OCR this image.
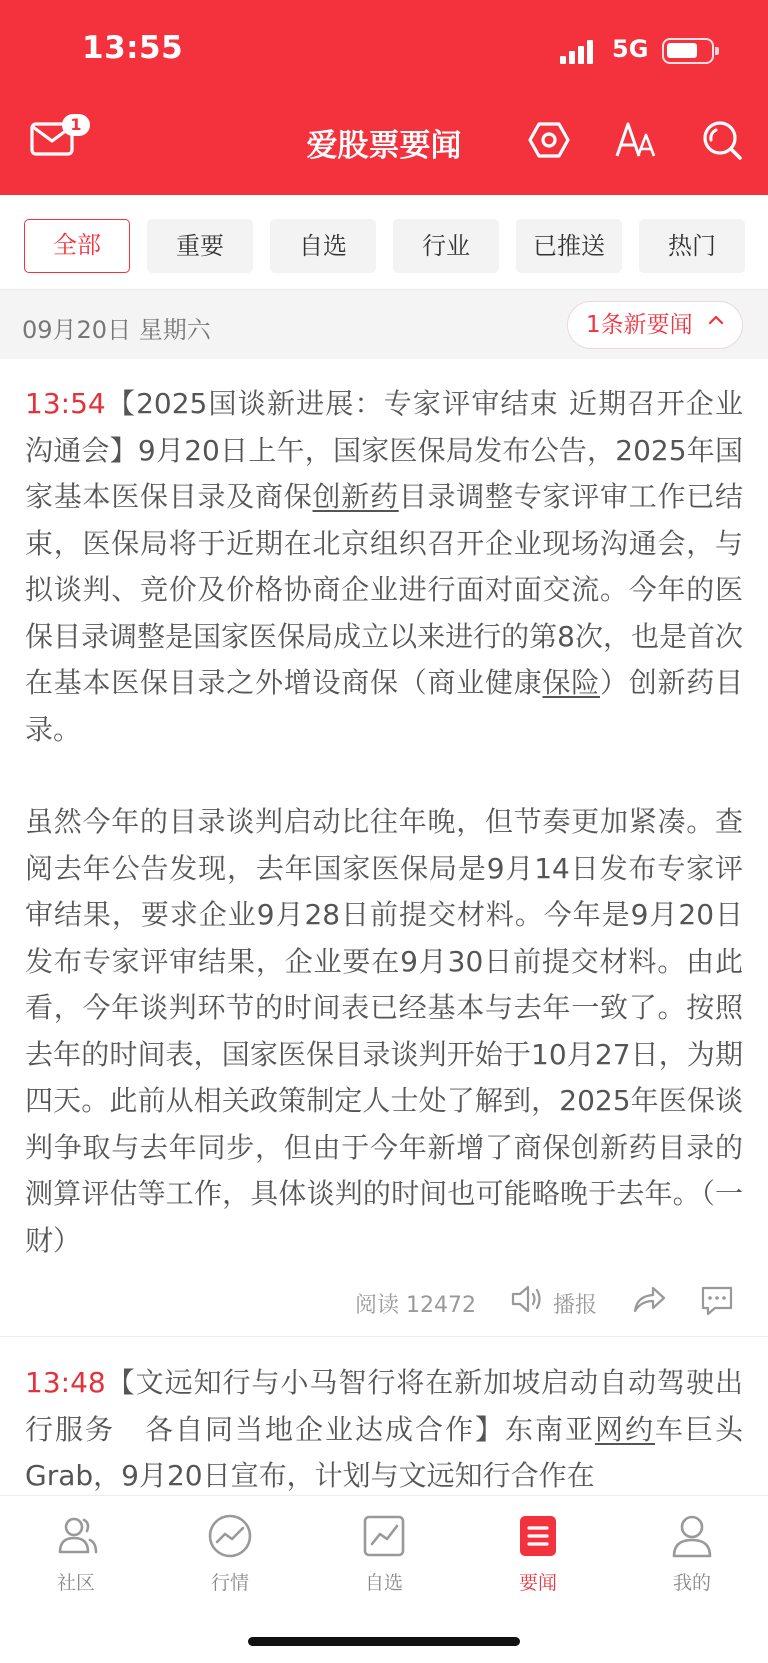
13:55	5G
1
爱股票要闻
全部	重要	自选	行业	已推送	热门
09月20日 星期六	1条新要闻

13:54【2025国谈新进展：专家评审结束 近期召开企业沟通会】9月20日上午，国家医保局发布公告，2025年国家基本医保目录及商保创新药目录调整专家评审工作已结束，医保局将于近期在北京组织召开企业现场沟通会，与拟谈判、竞价及价格协商企业进行面对面交流。今年的医保目录调整是国家医保局成立以来进行的第8次，也是首次在基本医保目录之外增设商保（商业健康保险）创新药目录。

虽然今年的目录谈判启动比往年晚，但节奏更加紧凑。查阅去年公告发现，去年国家医保局是9月14日发布专家评审结果，要求企业9月28日前提交材料。今年是9月20日发布专家评审结果，企业要在9月30日前提交材料。由此看，今年谈判环节的时间表已经基本与去年一致了。按照去年的时间表，国家医保目录谈判开始于10月27日，为期四天。此前从相关政策制定人士处了解到，2025年医保谈判争取与去年同步，但由于今年新增了商保创新药目录的测算评估等工作，具体谈判的时间也可能略晚于去年。（一财）

阅读 12472	播报

13:48【文远知行与小马智行将在新加坡启动自动驾驶出行服务　各自同当地企业达成合作】东南亚网约车巨头Grab，9月20日宣布，计划与文远知行合作在

社区	行情	自选	要闻	我的
